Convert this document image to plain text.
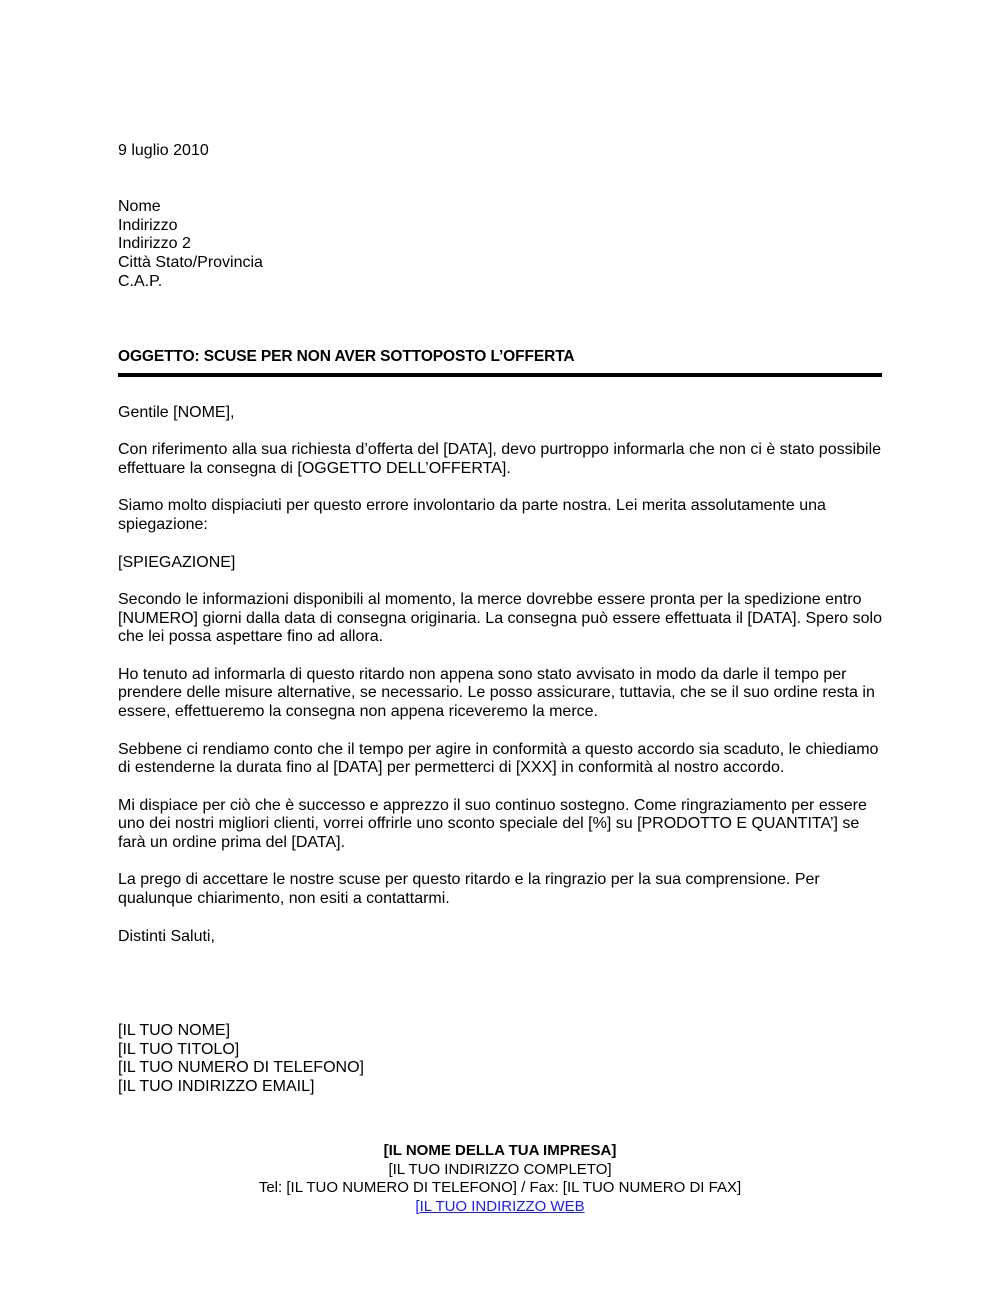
9 luglio 2010
Nome
Indirizzo
Indirizzo 2
Città Stato/Provincia
C.A.P.
OGGETTO: SCUSE PER NON AVER SOTTOPOSTO L’OFFERTA

Gentile [NOME],

Con riferimento alla sua richiesta d’offerta del [DATA], devo purtroppo informarla che non ci è stato possibile effettuare la consegna di [OGGETTO DELL’OFFERTA].

Siamo molto dispiaciuti per questo errore involontario da parte nostra. Lei merita assolutamente una spiegazione:

[SPIEGAZIONE]

Secondo le informazioni disponibili al momento, la merce dovrebbe essere pronta per la spedizione entro [NUMERO] giorni dalla data di consegna originaria. La consegna può essere effettuata il [DATA]. Spero solo che lei possa aspettare fino ad allora.

Ho tenuto ad informarla di questo ritardo non appena sono stato avvisato in modo da darle il tempo per prendere delle misure alternative, se necessario. Le posso assicurare, tuttavia, che se il suo ordine resta in essere, effettueremo la consegna non appena riceveremo la merce.

Sebbene ci rendiamo conto che il tempo per agire in conformità a questo accordo sia scaduto, le chiediamo di estenderne la durata fino al [DATA] per permetterci di [XXX] in conformità al nostro accordo.

Mi dispiace per ciò che è successo e apprezzo il suo continuo sostegno. Come ringraziamento per essere uno dei nostri migliori clienti, vorrei offrirle uno sconto speciale del [%] su [PRODOTTO E QUANTITA’] se farà un ordine prima del [DATA].

La prego di accettare le nostre scuse per questo ritardo e la ringrazio per la sua comprensione. Per qualunque chiarimento, non esiti a contattarmi.

Distinti Saluti,

[IL TUO NOME]
[IL TUO TITOLO]
[IL TUO NUMERO DI TELEFONO]
[IL TUO INDIRIZZO EMAIL]
[IL NOME DELLA TUA IMPRESA]
[IL TUO INDIRIZZO COMPLETO]
Tel: [IL TUO NUMERO DI TELEFONO] / Fax: [IL TUO NUMERO DI FAX]
[IL TUO INDIRIZZO WEB
